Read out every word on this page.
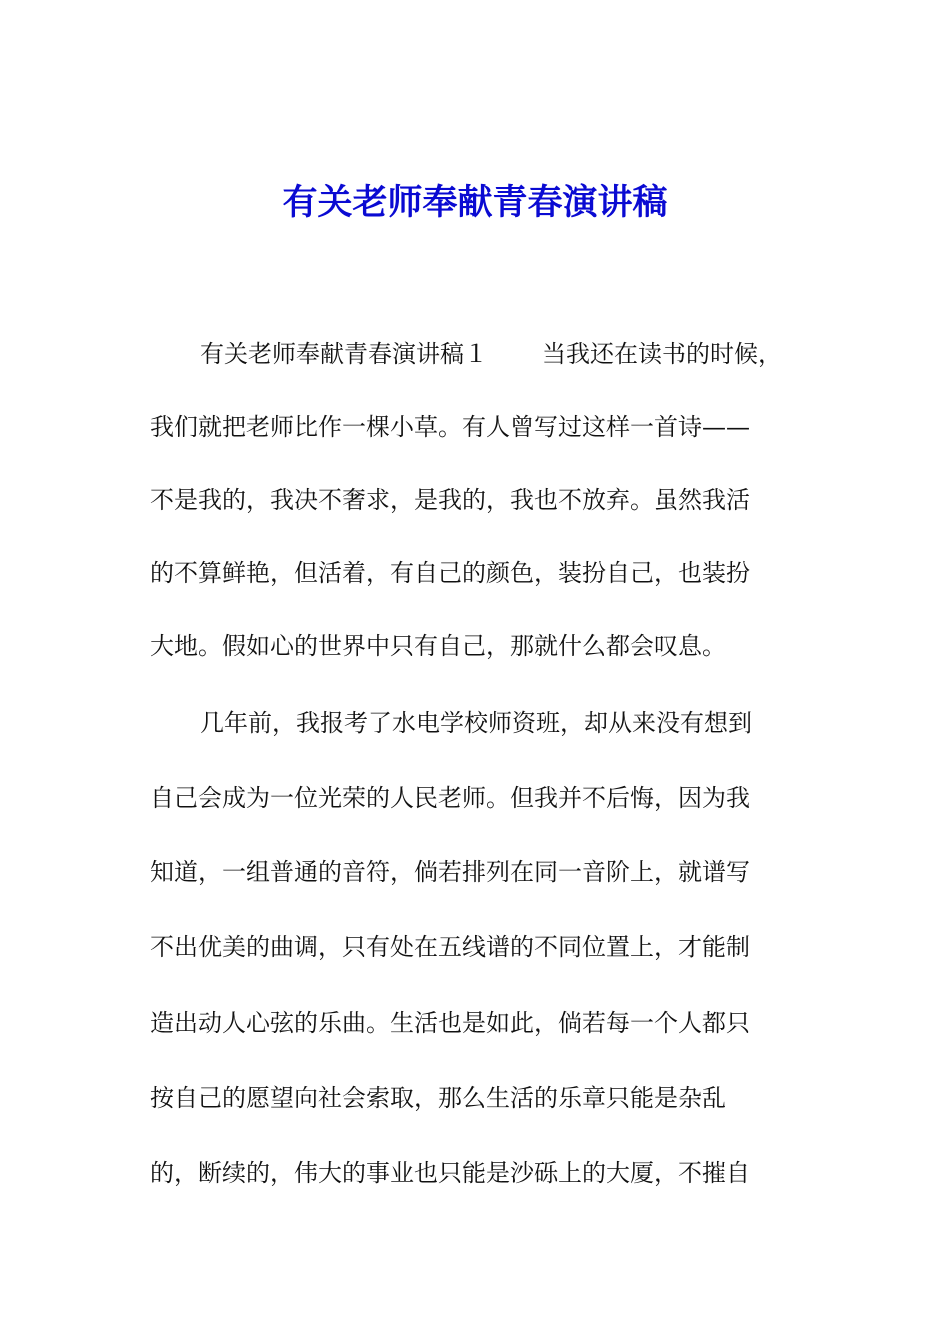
有关老师奉献青春演讲稿
有关老师奉献青春演讲稿１ 当我还在读书的时候，
我们就把老师比作一棵小草。有人曾写过这样一首诗——
不是我的，我决不奢求，是我的，我也不放弃。虽然我活
的不算鲜艳，但活着，有自己的颜色，装扮自己，也装扮
大地。假如心的世界中只有自己，那就什么都会叹息。
几年前，我报考了水电学校师资班，却从来没有想到
自己会成为一位光荣的人民老师。但我并不后悔，因为我
知道，一组普通的音符，倘若排列在同一音阶上，就谱写
不出优美的曲调，只有处在五线谱的不同位置上，才能制
造出动人心弦的乐曲。生活也是如此，倘若每一个人都只
按自己的愿望向社会索取，那么生活的乐章只能是杂乱
的，断续的，伟大的事业也只能是沙砾上的大厦，不摧自
